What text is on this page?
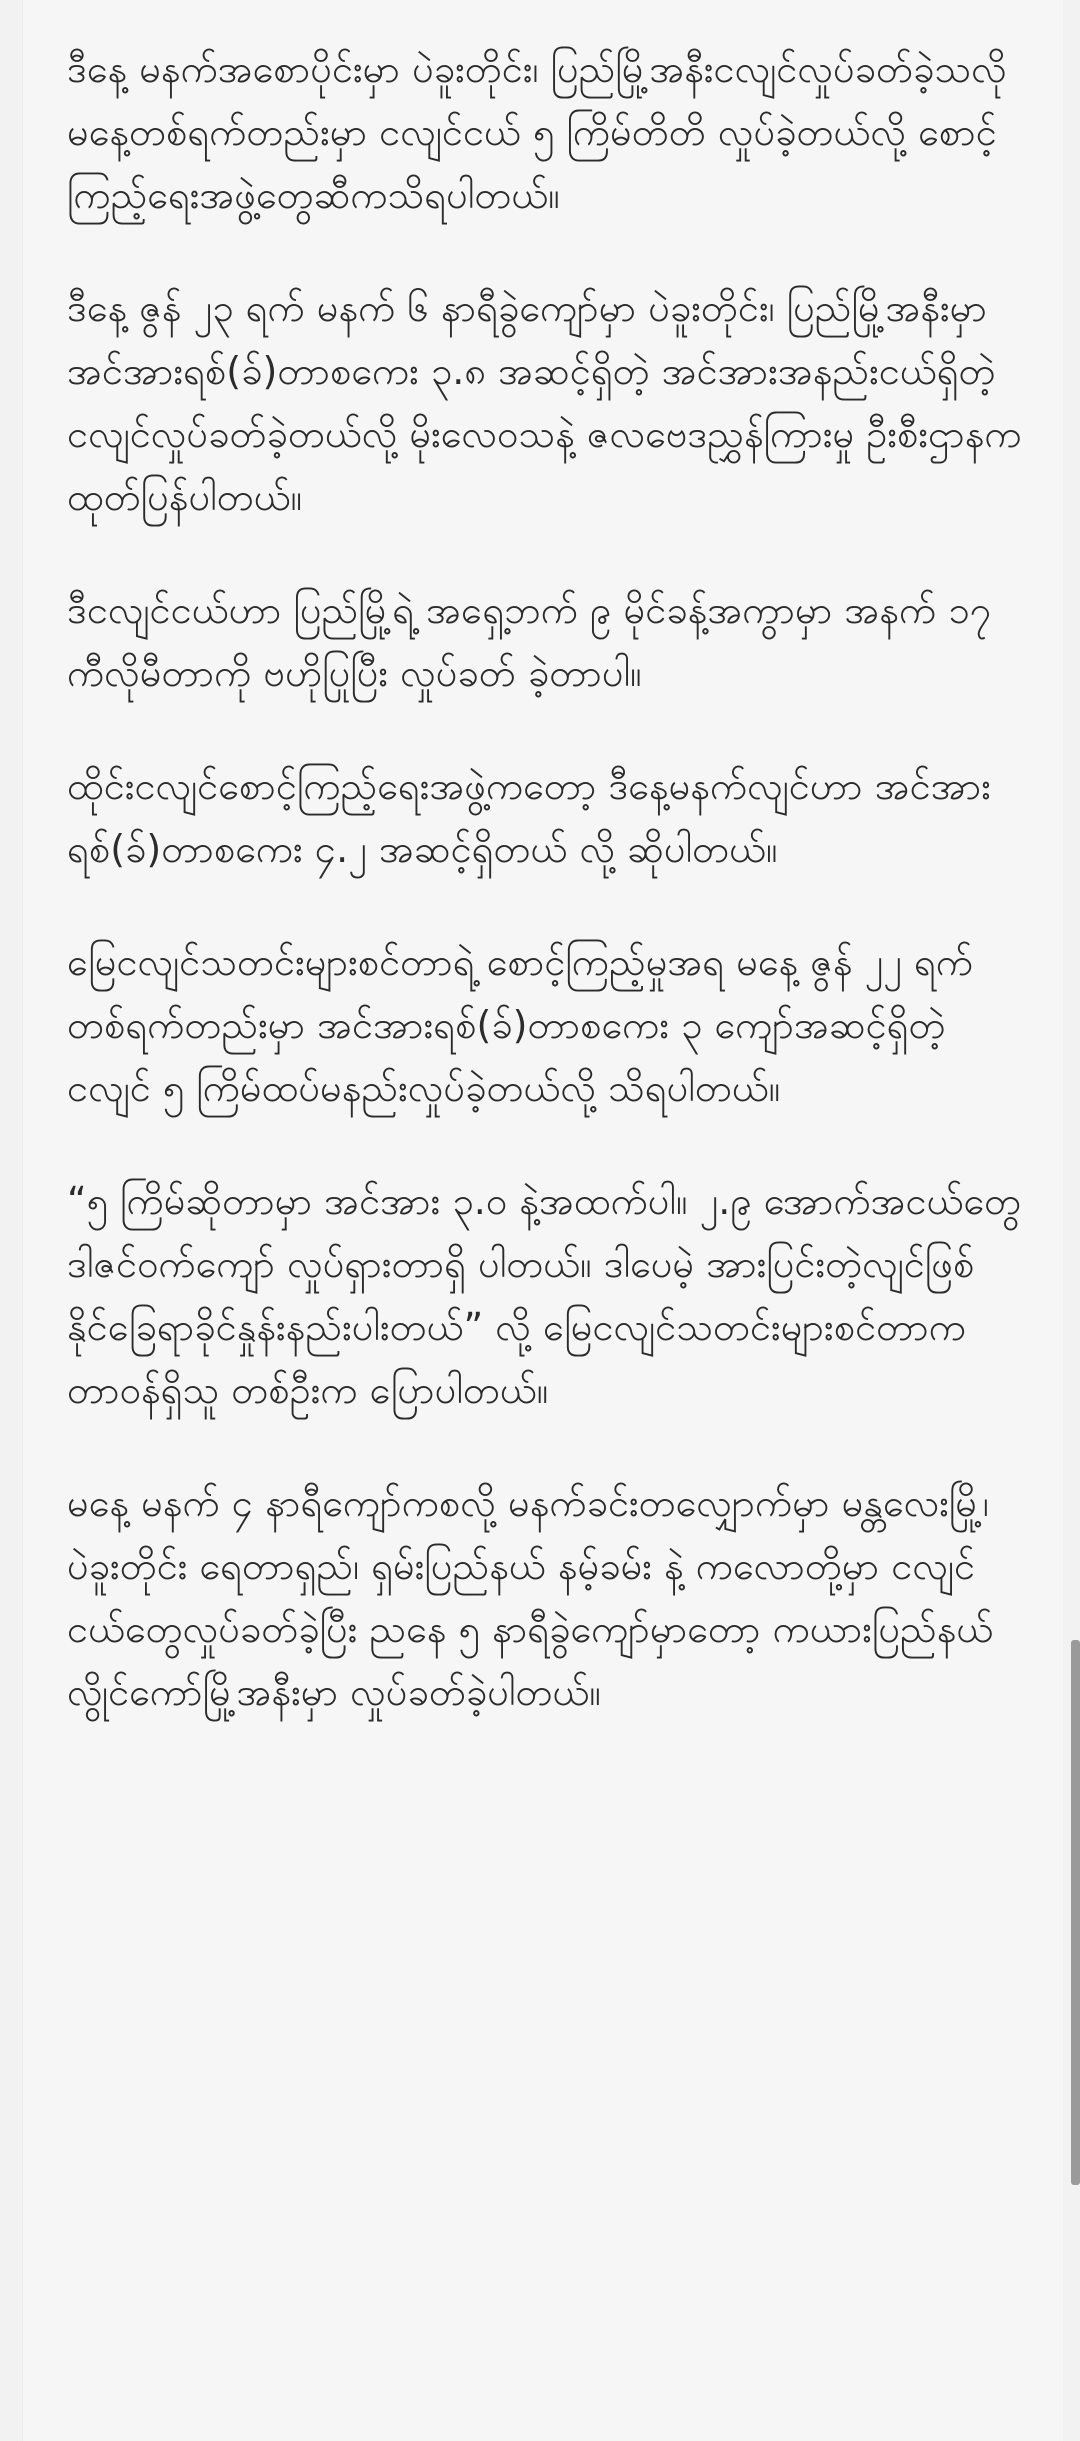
ဒီနေ့ မနက်အစောပိုင်းမှာ ပဲခူးတိုင်း၊ ပြည်မြို့အနီးငလျင်လှုပ်ခတ်ခဲ့သလို မနေ့တစ်ရက်တည်းမှာ ငလျင်ငယ် ၅ ကြိမ်တိတိ လှုပ်ခဲ့တယ်လို့ စောင့်ကြည့်ရေးအဖွဲ့တွေဆီကသိရပါတယ်။

ဒီနေ့ ဇွန် ၂၃ ရက် မနက် ၆ နာရီခွဲကျော်မှာ ပဲခူးတိုင်း၊ ပြည်မြို့အနီးမှာ အင်အားရစ်(ခ်)တာစကေး ၃.၈ အဆင့်ရှိတဲ့ အင်အားအနည်းငယ်ရှိတဲ့ ငလျင်လှုပ်ခတ်ခဲ့တယ်လို့ မိုးလေဝသနဲ့ ဇလဗေဒညွှန်ကြားမှု ဦးစီးဌာနက ထုတ်ပြန်ပါတယ်။

ဒီငလျင်ငယ်ဟာ ပြည်မြို့ရဲ့ အရှေ့ဘက် ၉ မိုင်ခန့်အကွာမှာ အနက် ၁၇ ကီလိုမီတာကို ဗဟိုပြုပြီး လှုပ်ခတ် ခဲ့တာပါ။

ထိုင်းငလျင်စောင့်ကြည့်ရေးအဖွဲ့ကတော့ ဒီနေ့မနက်လျင်ဟာ အင်အားရစ်(ခ်)တာစကေး ၄.၂ အဆင့်ရှိတယ် လို့ ဆိုပါတယ်။

မြေငလျင်သတင်းများစင်တာရဲ့ စောင့်ကြည့်မှုအရ မနေ့ ဇွန် ၂၂ ရက်တစ်ရက်တည်းမှာ အင်အားရစ်(ခ်)တာစကေး ၃ ကျော်အဆင့်ရှိတဲ့ ငလျင် ၅ ကြိမ်ထပ်မနည်းလှုပ်ခဲ့တယ်လို့ သိရပါတယ်။

“၅ ကြိမ်ဆိုတာမှာ အင်အား ၃.၀ နဲ့အထက်ပါ။ ၂.၉ အောက်အငယ်တွေ ဒါဇင်ဝက်ကျော် လှုပ်ရှားတာရှိ ပါတယ်။ ဒါပေမဲ့ အားပြင်းတဲ့လျင်ဖြစ်နိုင်ခြေရာခိုင်နှုန်းနည်းပါးတယ်” လို့ မြေငလျင်သတင်းများစင်တာက တာဝန်ရှိသူ တစ်ဦးက ပြောပါတယ်။

မနေ့ မနက် ၄ နာရီကျော်ကစလို့ မနက်ခင်းတလျှောက်မှာ မန္တလေးမြို့၊ ပဲခူးတိုင်း ရေတာရှည်၊ ရှမ်းပြည်နယ် နမ့်ခမ်း နဲ့ ကလောတို့မှာ ငလျင်ငယ်တွေလှုပ်ခတ်ခဲ့ပြီး ညနေ ၅ နာရီခွဲကျော်မှာတော့ ကယားပြည်နယ် လွိုင်ကော်မြို့အနီးမှာ လှုပ်ခတ်ခဲ့ပါတယ်။
